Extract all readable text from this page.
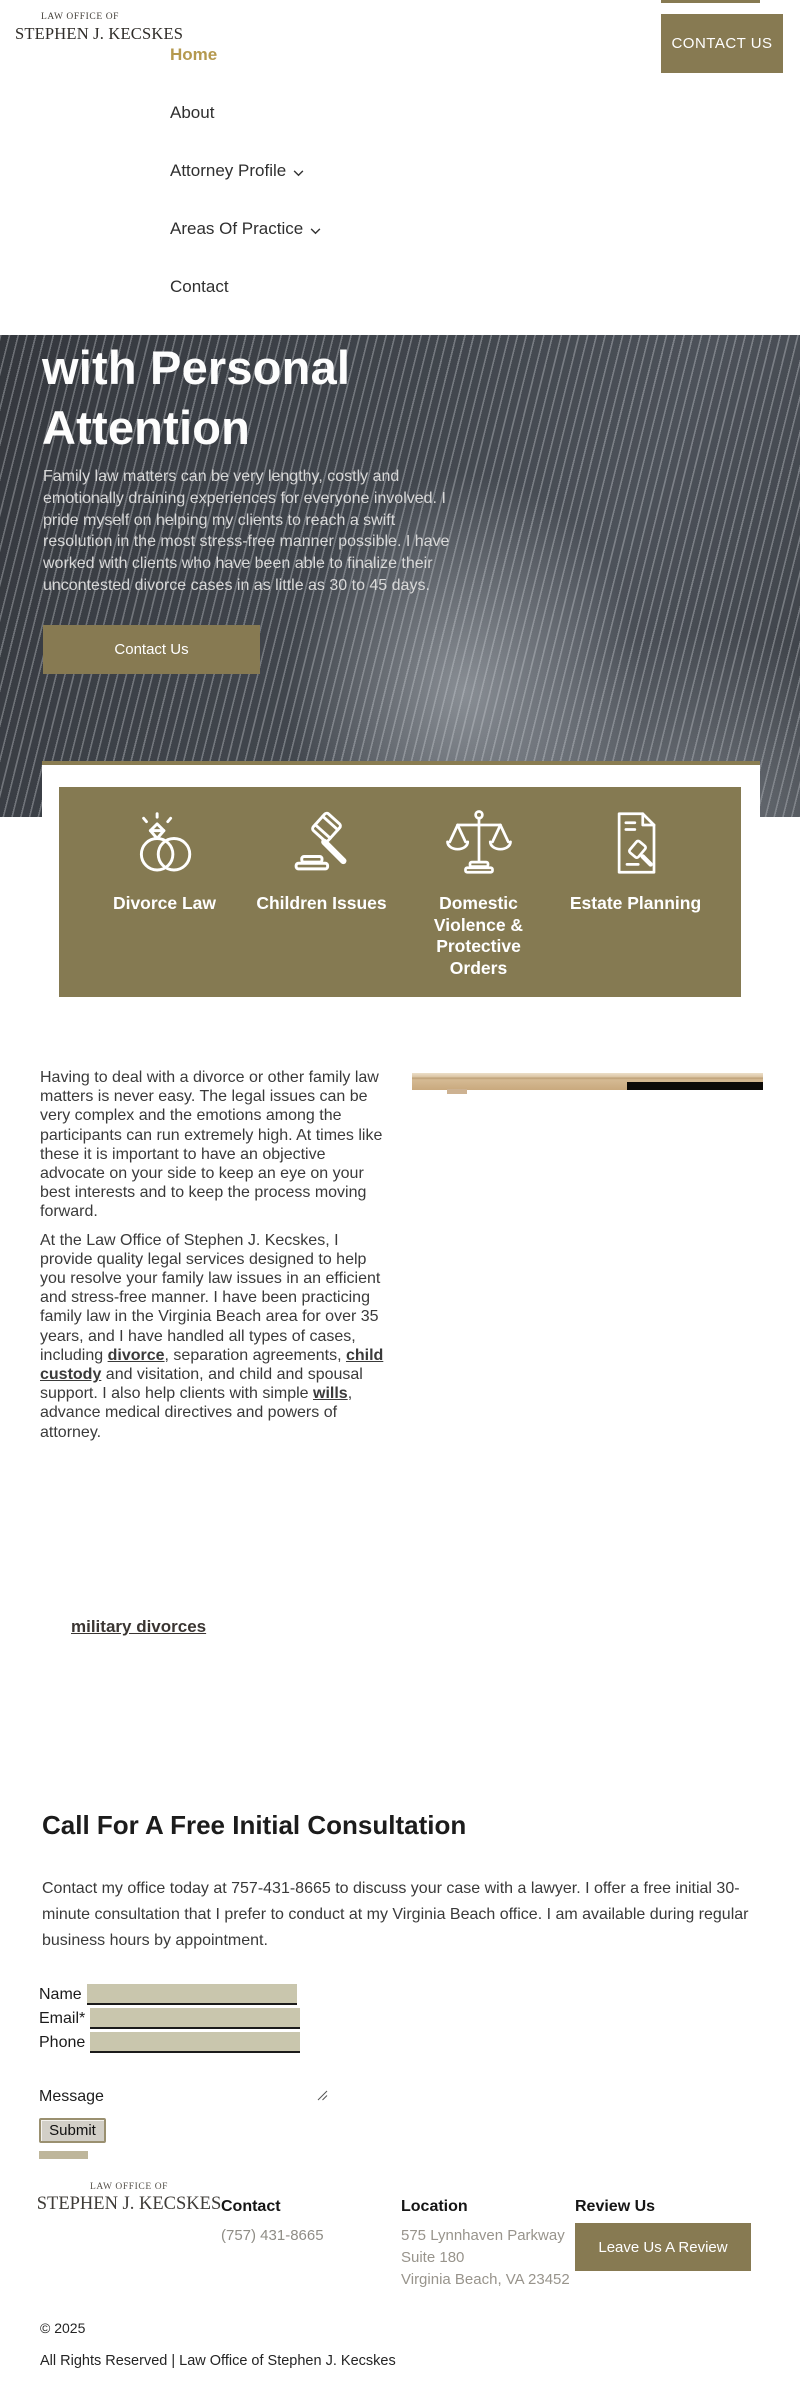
LAW OFFICE OF
STEPHEN J. KECSKES
Home
About
Attorney Profile
Areas Of Practice
Contact
CONTACT US
with Personal
Attention
Family law matters can be very lengthy, costly and
emotionally draining experiences for everyone involved. I
pride myself on helping my clients to reach a swift
resolution in the most stress-free manner possible. I have
worked with clients who have been able to finalize their
uncontested divorce cases in as little as 30 to 45 days.
Contact Us
Divorce Law Children Issues	Domestic Violence & Protective Orders
Estate Planning
Having to deal with a divorce or other family law
matters is never easy. The legal issues can be
very complex and the emotions among the
participants can run extremely high. At times like
these it is important to have an objective
advocate on your side to keep an eye on your
best interests and to keep the process moving
forward.
At the Law Office of Stephen J. Kecskes, I provide quality legal services designed to help you resolve your family law issues in an efficient and stress-free manner. I have been practicing family law in the Virginia Beach area for over 35 years, and I have handled all types of cases, including divorce, separation agreements, child custody and visitation, and child and spousal support. I also help clients with simple wills, advance medical directives and powers of attorney.
military divorces
Call For A Free Initial Consultation
Contact my office today at 757-431-8665 to discuss your case with a lawyer. I offer a free initial 30-
minute consultation that I prefer to conduct at my Virginia Beach office. I am available during regular
business hours by appointment.
Name
Email*
Phone
Message
Submit
LAW OFFICE OF
STEPHEN J. KECSKES Contact
(757) 431-8665
Location
575 Lynnhaven Parkway
Suite 180
Virginia Beach, VA 23452
Review Us
Leave Us A Review
© 2025
All Rights Reserved | Law Office of Stephen J. Kecskes
